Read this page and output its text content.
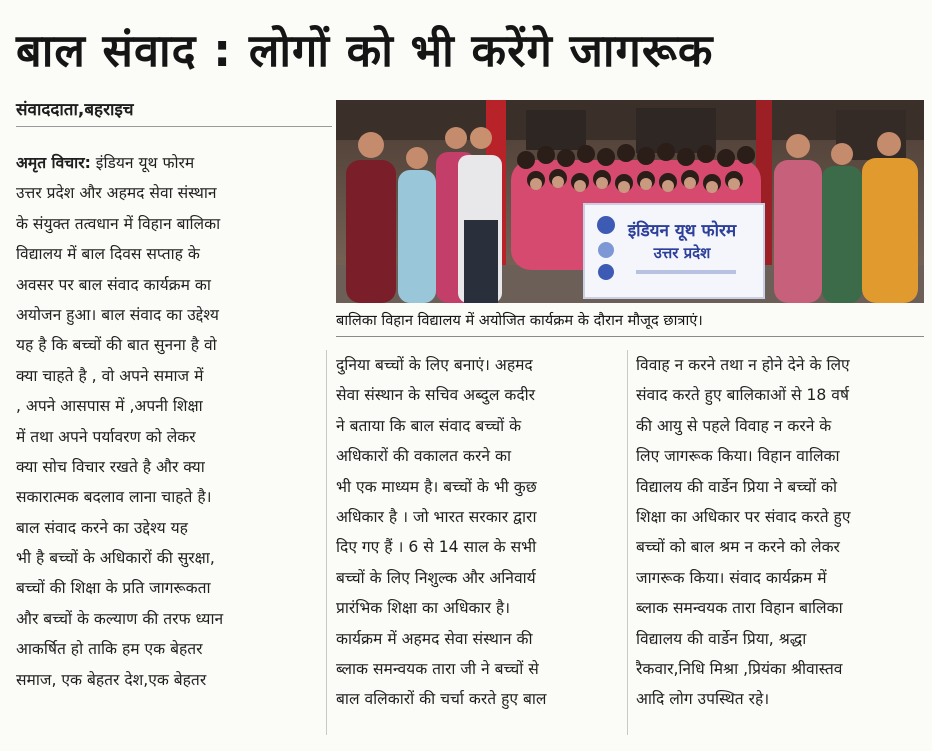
बाल संवाद : लोगों को भी करेंगे जागरूक
संवाददाता,बहराइच
अमृत विचार: इंडियन यूथ फोरम
उत्तर प्रदेश और अहमद सेवा संस्थान
के संयुक्त तत्वधान में विहान बालिका
विद्यालय में बाल दिवस सप्ताह के
अवसर पर बाल संवाद कार्यक्रम का
अयोजन हुआ। बाल संवाद का उद्देश्य
यह है कि बच्चों की बात सुनना है वो
क्या चाहते है , वो अपने समाज में
, अपने आसपास में ,अपनी शिक्षा
में तथा अपने पर्यावरण को लेकर
क्या सोच विचार रखते है और क्या
सकारात्मक बदलाव लाना चाहते है।
बाल संवाद करने का उद्देश्य यह
भी है बच्चों के अधिकारों की सुरक्षा,
बच्चों की शिक्षा के प्रति जागरूकता
और बच्चों के कल्याण की तरफ ध्यान
आकर्षित हो ताकि हम एक बेहतर
समाज, एक बेहतर देश,एक बेहतर
इंडियन यूथ फोरम
उत्तर प्रदेश
बालिका विहान विद्यालय में अयोजित कार्यक्रम के दौरान मौजूद छात्राएं।
दुनिया बच्चों के लिए बनाएं। अहमद
सेवा संस्थान के सचिव अब्दुल कदीर
ने बताया कि बाल संवाद बच्चों के
अधिकारों की वकालत करने का
भी एक माध्यम है। बच्चों के भी कुछ
अधिकार है । जो भारत सरकार द्वारा
दिए गए हैं । 6 से 14 साल के सभी
बच्चों के लिए निशुल्क और अनिवार्य
प्रारंभिक शिक्षा का अधिकार है।
कार्यक्रम में अहमद सेवा संस्थान की
ब्लाक समन्वयक तारा जी ने बच्चों से
बाल वलिकारों की चर्चा करते हुए बाल
विवाह न करने तथा न होने देने के लिए
संवाद करते हुए बालिकाओं से 18 वर्ष
की आयु से पहले विवाह न करने के
लिए जागरूक किया। विहान वालिका
विद्यालय की वार्डेन प्रिया ने बच्चों को
शिक्षा का अधिकार पर संवाद करते हुए
बच्चों को बाल श्रम न करने को लेकर
जागरूक किया। संवाद कार्यक्रम में
ब्लाक समन्वयक तारा विहान बालिका
विद्यालय की वार्डेन प्रिया, श्रद्धा
रैकवार,निधि मिश्रा ,प्रियंका श्रीवास्तव
आदि लोग उपस्थित रहे।
